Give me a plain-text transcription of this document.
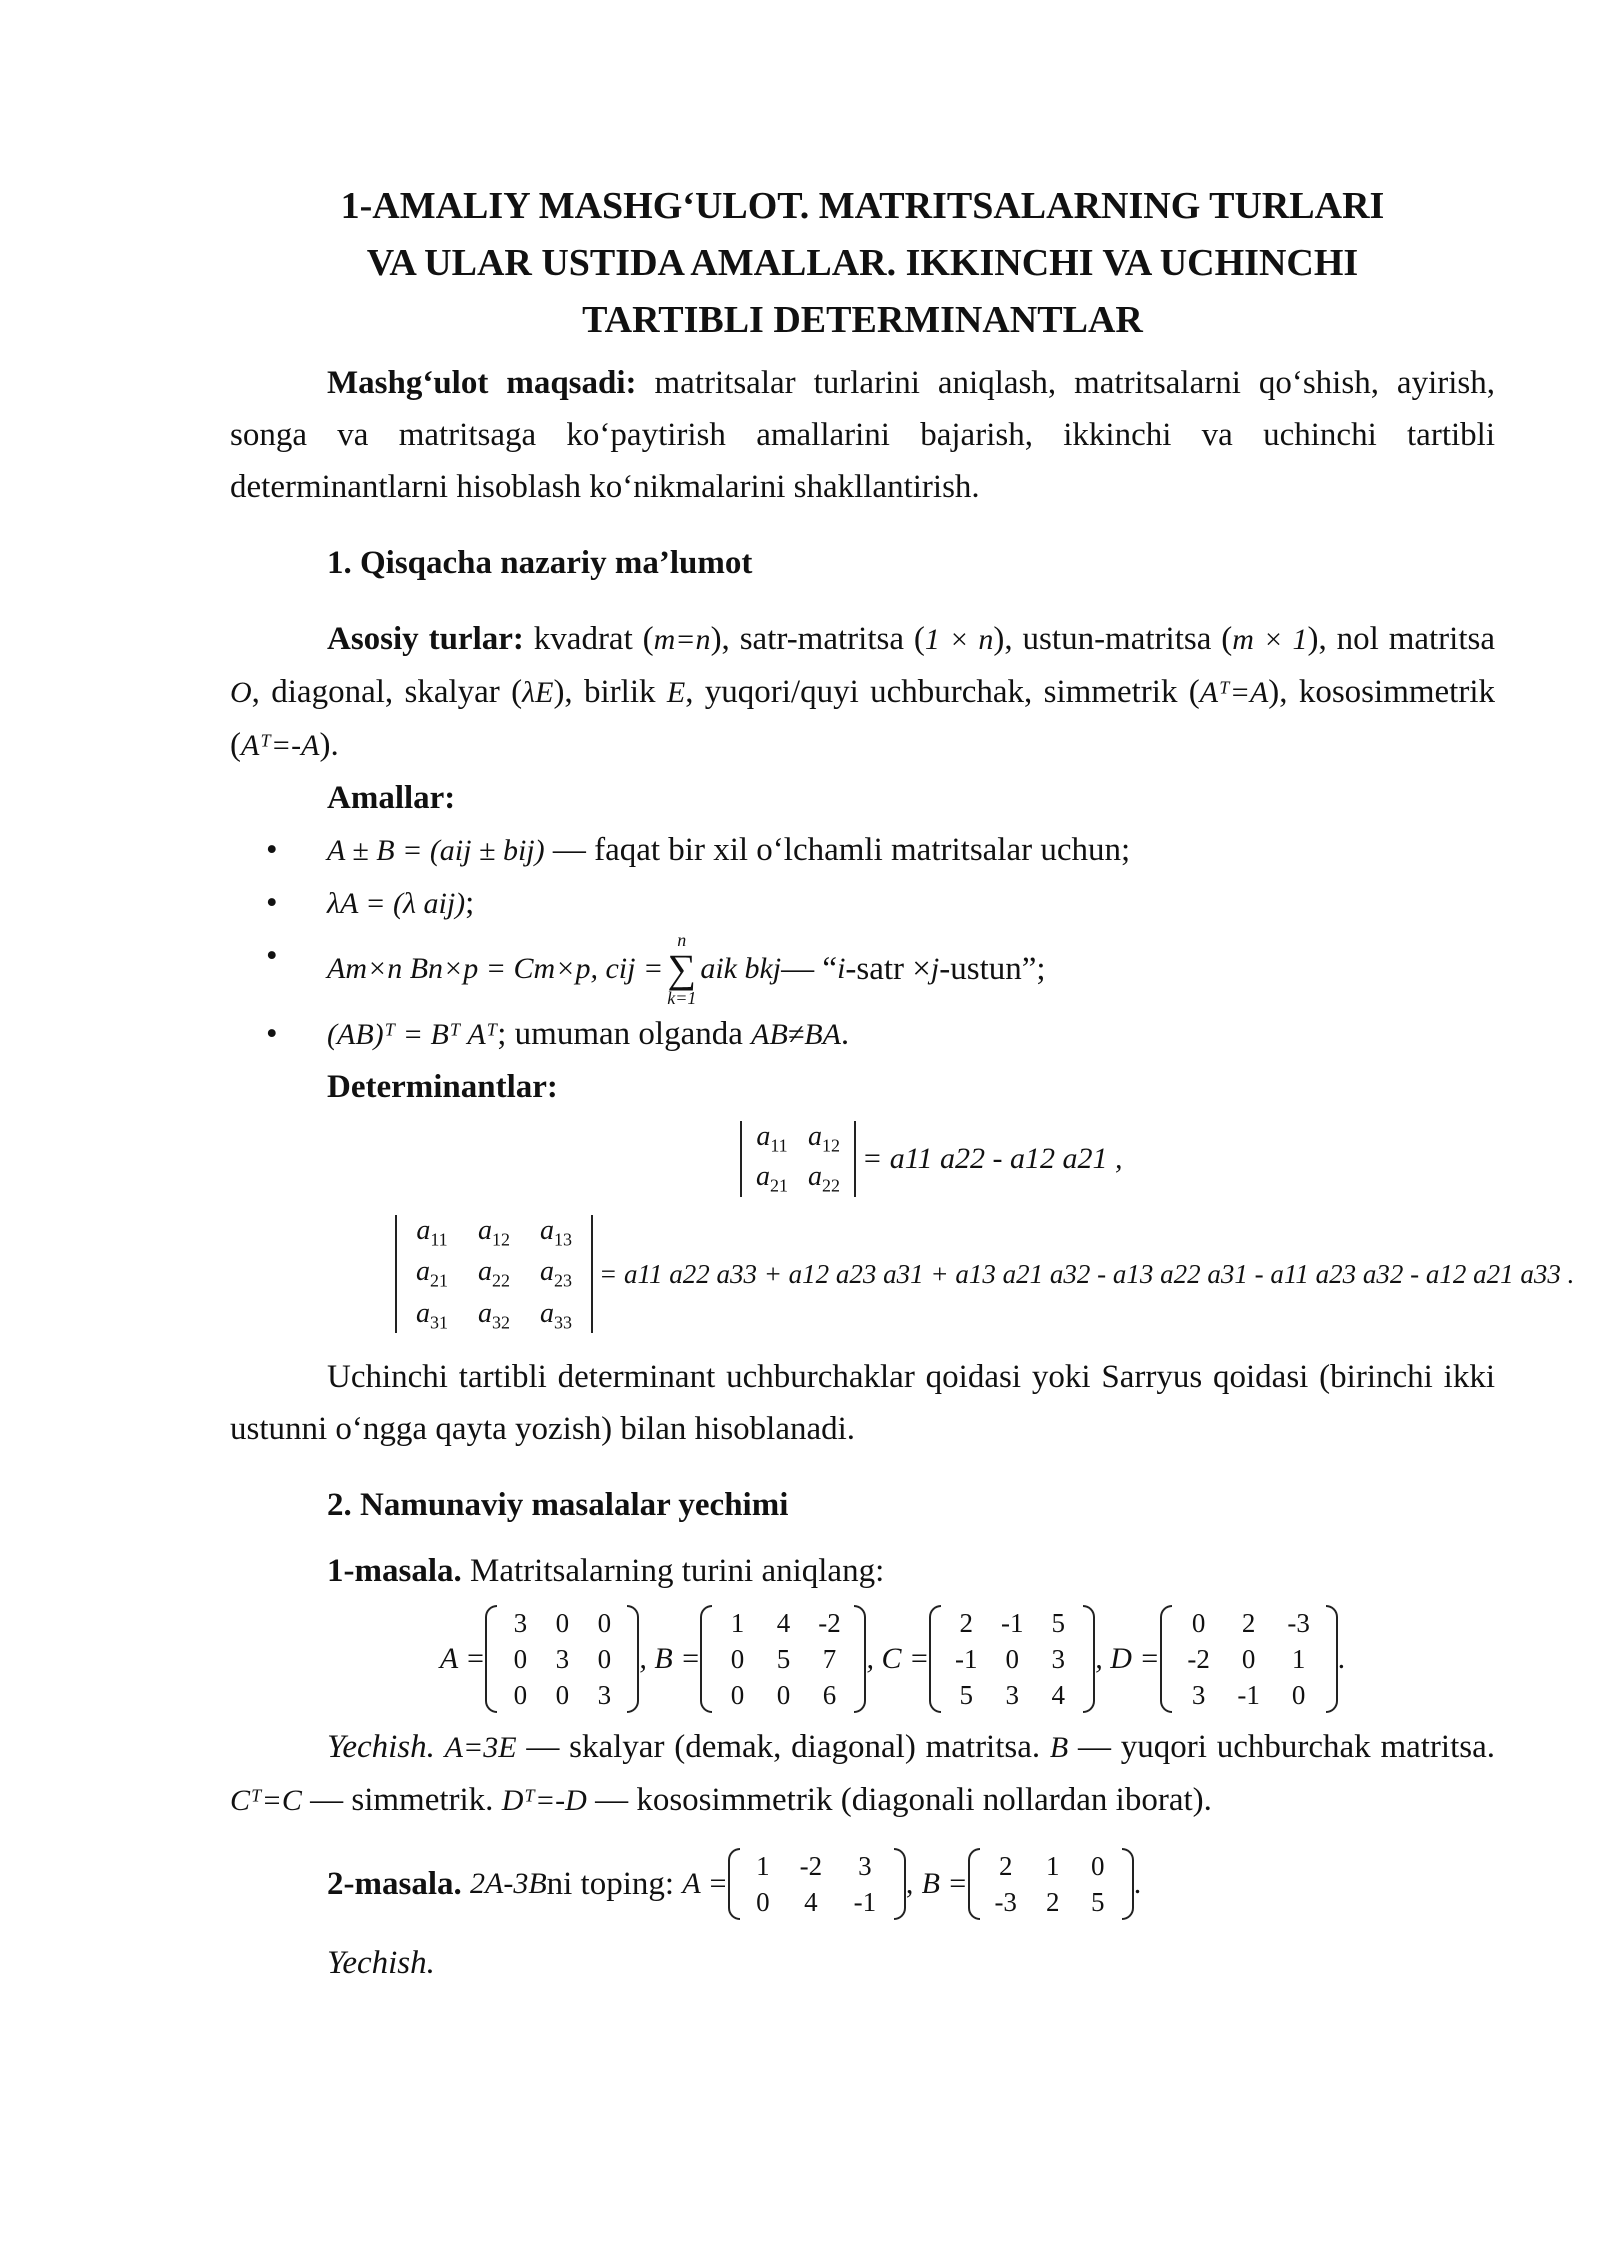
1-AMALIY MASHG‘ULOT. MATRITSALARNING TURLARI
VA ULAR USTIDA AMALLAR. IKKINCHI VA UCHINCHI
TARTIBLI DETERMINANTLAR

Mashg‘ulot maqsadi: matritsalar turlarini aniqlash, matritsalarni qo‘shish, ayirish, songa va matritsaga ko‘paytirish amallarini bajarish, ikkinchi va uchinchi tartibli determinantlarni hisoblash ko‘nikmalarini shakllantirish.

1. Qisqacha nazariy ma’lumot

Asosiy turlar: kvadrat (m=n), satr-matritsa (1 × n), ustun-matritsa (m × 1), nol matritsa O, diagonal, skalyar (λE), birlik E, yuqori/quyi uchburchak, simmetrik (Aᵀ=A), kososimmetrik (Aᵀ=-A).

Amallar:
• A ± B = (aij ± bij) — faqat bir xil o‘lchamli matritsalar uchun;
• λA = (λ aij);
• Am×n Bn×p = Cm×p, cij =
n
∑
k=1
aik bkj — “ i -satr × j -ustun”;
• (AB)ᵀ = Bᵀ Aᵀ; umuman olganda AB≠BA.
Determinantlar:
$a_{11}$ $a_{12}$
$a_{21}$ $a_{22}$
= a11 a22 - a12 a21 ,
$a_{11}$	$a_{12}$	$a_{13}$
$a_{21}$	$a_{22}$	$a_{23}$
$a_{31}$	$a_{32}$	$a_{33}$
= a11 a22 a33 + a12 a23 a31 + a13 a21 a32 - a13 a22 a31 - a11 a23 a32 - a12 a21 a33 .

Uchinchi tartibli determinant uchburchaklar qoidasi yoki Sarryus qoidasi (birinchi ikki ustunni o‘ngga qayta yozish) bilan hisoblanadi.

2. Namunaviy masalalar yechimi
1-masala. Matritsalarning turini aniqlang:
A =
3	0	0
0	3	0
0	0	3
, B =
1	4	-2
0	5	7
0	0	6
, C =
2	-1	5
-1	0	3
5	3	4
, D =
0	2	-3
-2	0	1
3	-1	0
.

Yechish. A=3E — skalyar (demak, diagonal) matritsa. B — yuqori uchburchak matritsa. Cᵀ=C — simmetrik. Dᵀ=-D — kososimmetrik (diagonali nollardan iborat).

2-masala.
2A-3B ni toping:
A =
1	-2	3
0	4	-1
,
B =
2	1	0
-3	2	5
.

Yechish.
